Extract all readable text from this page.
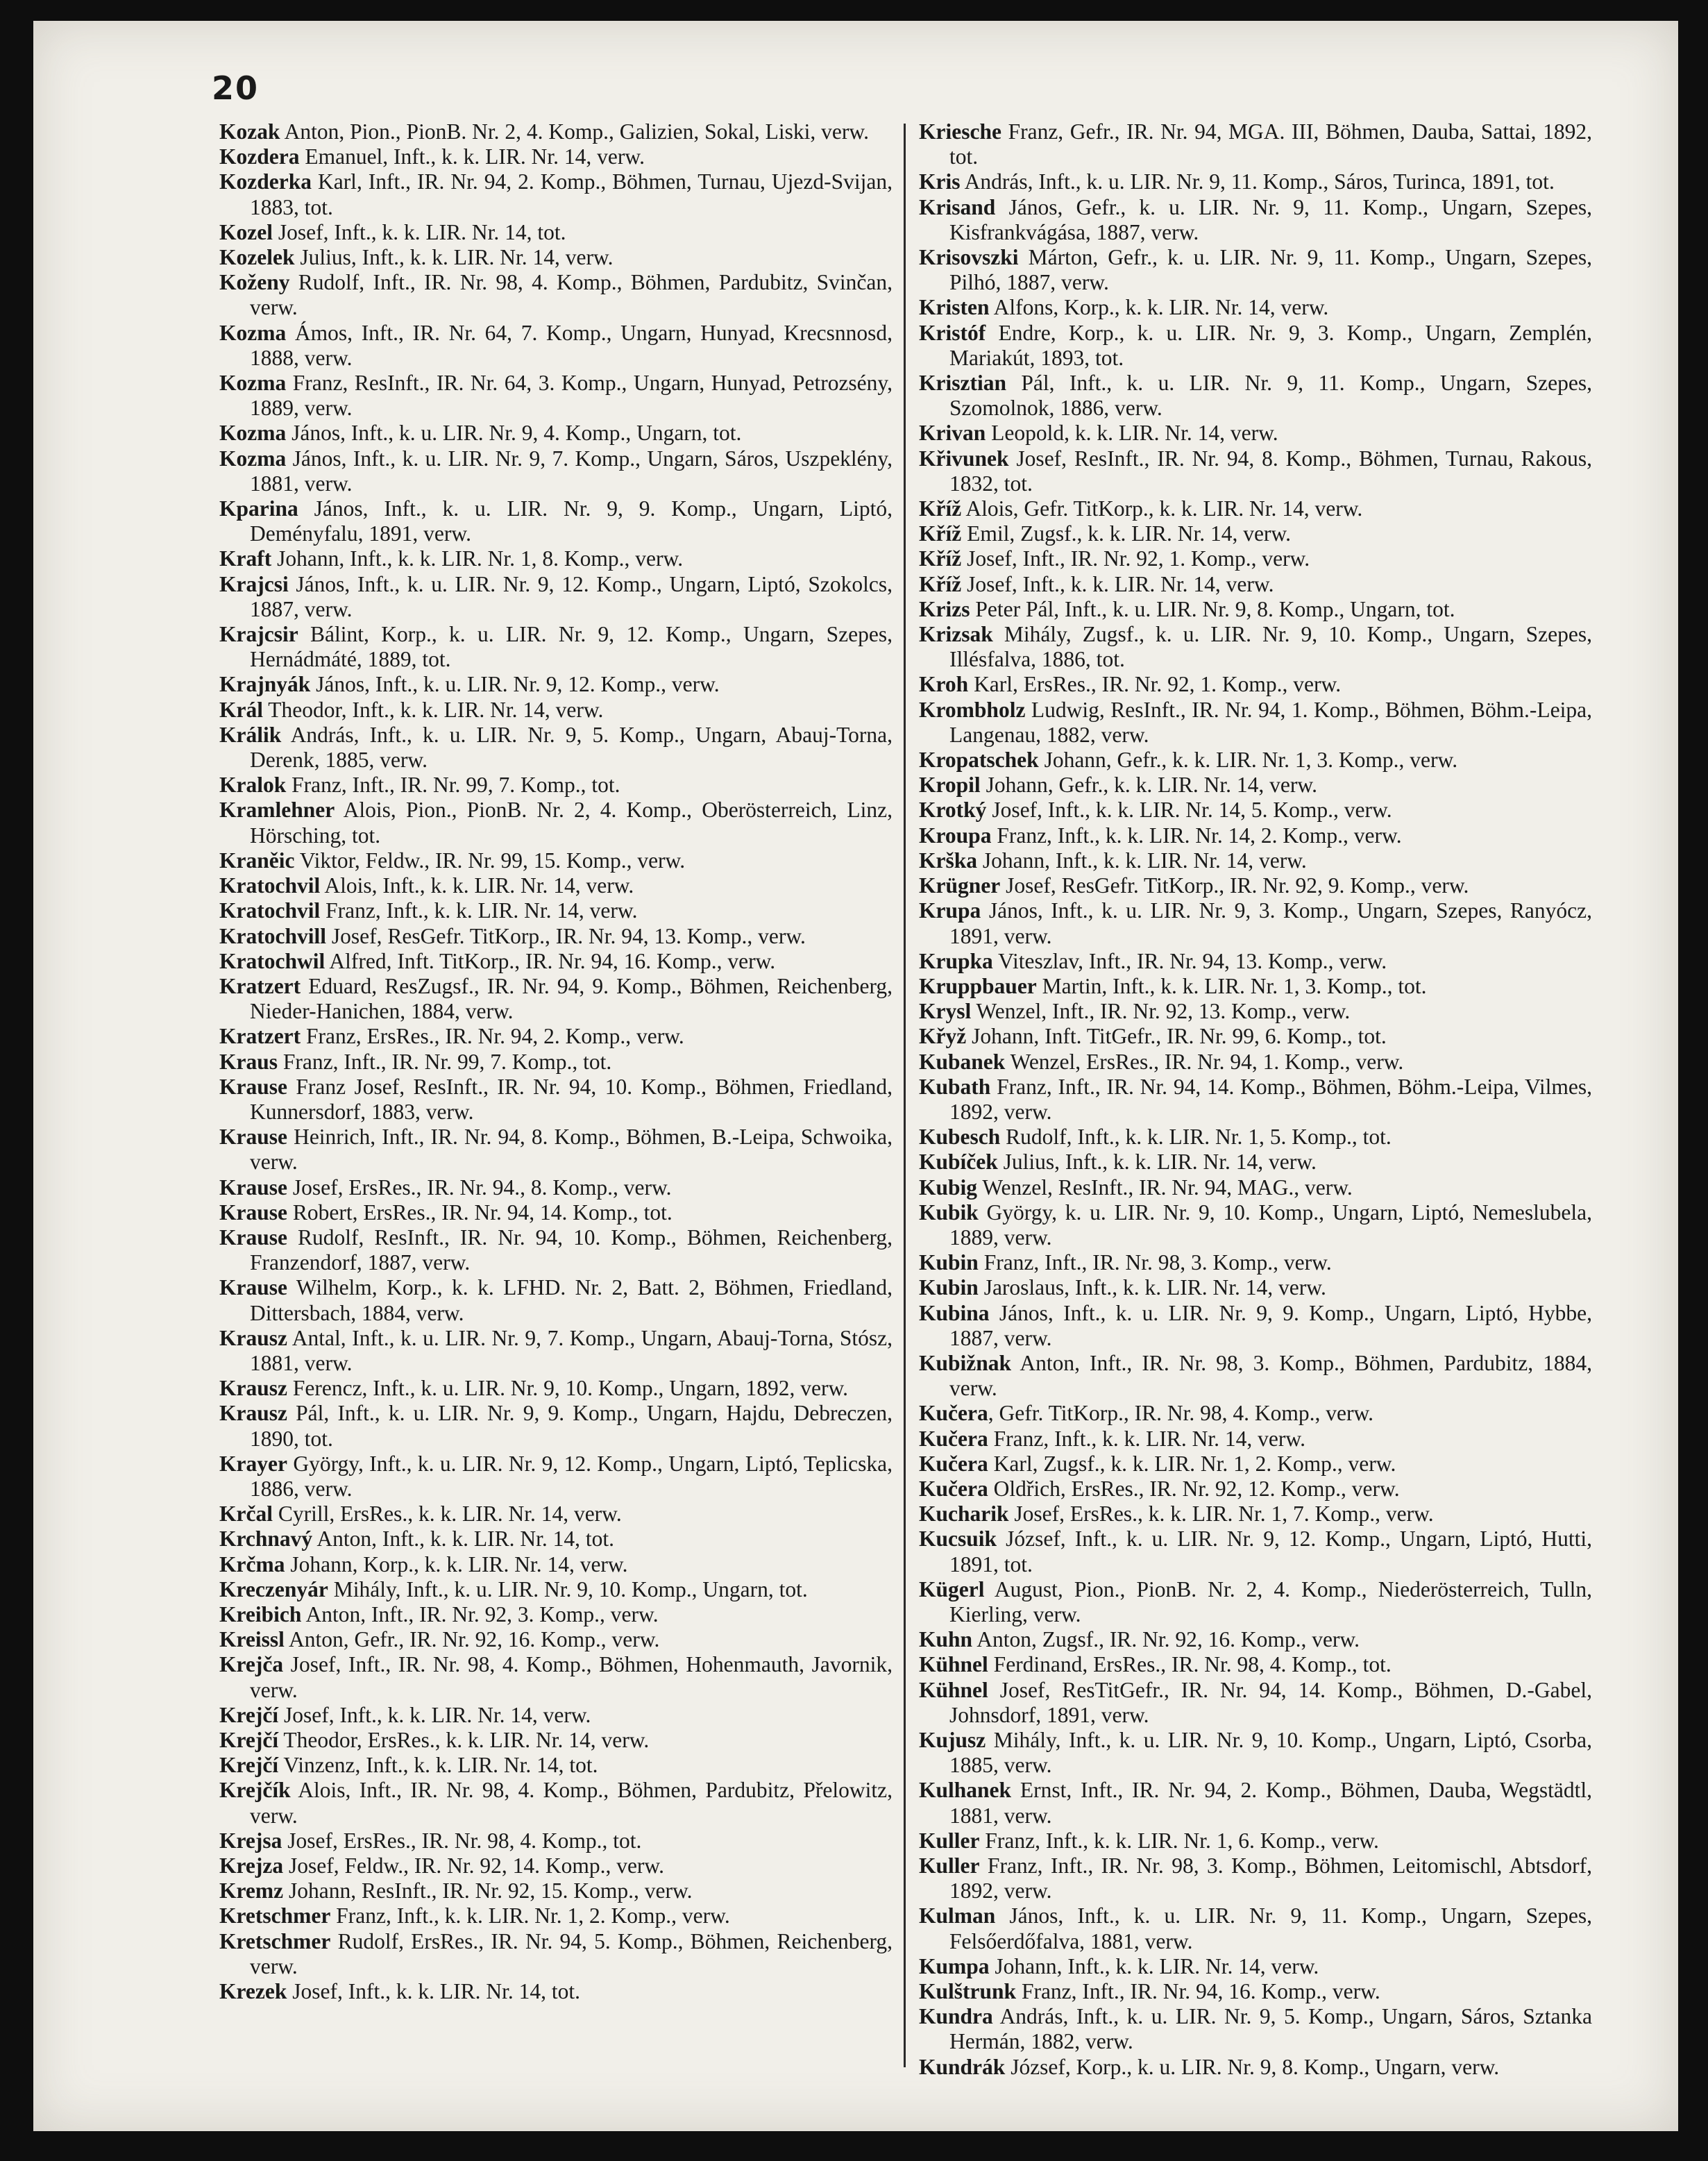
20
Kozak Anton, Pion., PionB. Nr. 2, 4. Komp., Galizien, Sokal, Liski, verw.
Kozdera Emanuel, Inft., k. k. LIR. Nr. 14, verw.
Kozderka Karl, Inft., IR. Nr. 94, 2. Komp., Böhmen, Turnau, Ujezd-Svijan, 1883, tot.
Kozel Josef, Inft., k. k. LIR. Nr. 14, tot.
Kozelek Julius, Inft., k. k. LIR. Nr. 14, verw.
Koženy Rudolf, Inft., IR. Nr. 98, 4. Komp., Böhmen, Pardubitz, Svinčan, verw.
Kozma Ámos, Inft., IR. Nr. 64, 7. Komp., Ungarn, Hunyad, Krecsnnosd, 1888, verw.
Kozma Franz, ResInft., IR. Nr. 64, 3. Komp., Ungarn, Hunyad, Petrozsény, 1889, verw.
Kozma János, Inft., k. u. LIR. Nr. 9, 4. Komp., Ungarn, tot.
Kozma János, Inft., k. u. LIR. Nr. 9, 7. Komp., Ungarn, Sáros, Uszpeklény, 1881, verw.
Kparina János, Inft., k. u. LIR. Nr. 9, 9. Komp., Ungarn, Liptó, Deményfalu, 1891, verw.
Kraft Johann, Inft., k. k. LIR. Nr. 1, 8. Komp., verw.
Krajcsi János, Inft., k. u. LIR. Nr. 9, 12. Komp., Ungarn, Liptó, Szokolcs, 1887, verw.
Krajcsir Bálint, Korp., k. u. LIR. Nr. 9, 12. Komp., Ungarn, Szepes, Hernádmáté, 1889, tot.
Krajnyák János, Inft., k. u. LIR. Nr. 9, 12. Komp., verw.
Král Theodor, Inft., k. k. LIR. Nr. 14, verw.
Králik András, Inft., k. u. LIR. Nr. 9, 5. Komp., Ungarn, Abauj-Torna, Derenk, 1885, verw.
Kralok Franz, Inft., IR. Nr. 99, 7. Komp., tot.
Kramlehner Alois, Pion., PionB. Nr. 2, 4. Komp., Oberösterreich, Linz, Hörsching, tot.
Kraněic Viktor, Feldw., IR. Nr. 99, 15. Komp., verw.
Kratochvil Alois, Inft., k. k. LIR. Nr. 14, verw.
Kratochvil Franz, Inft., k. k. LIR. Nr. 14, verw.
Kratochvill Josef, ResGefr. TitKorp., IR. Nr. 94, 13. Komp., verw.
Kratochwil Alfred, Inft. TitKorp., IR. Nr. 94, 16. Komp., verw.
Kratzert Eduard, ResZugsf., IR. Nr. 94, 9. Komp., Böhmen, Reichenberg, Nieder-Hanichen, 1884, verw.
Kratzert Franz, ErsRes., IR. Nr. 94, 2. Komp., verw.
Kraus Franz, Inft., IR. Nr. 99, 7. Komp., tot.
Krause Franz Josef, ResInft., IR. Nr. 94, 10. Komp., Böhmen, Friedland, Kunnersdorf, 1883, verw.
Krause Heinrich, Inft., IR. Nr. 94, 8. Komp., Böhmen, B.-Leipa, Schwoika, verw.
Krause Josef, ErsRes., IR. Nr. 94., 8. Komp., verw.
Krause Robert, ErsRes., IR. Nr. 94, 14. Komp., tot.
Krause Rudolf, ResInft., IR. Nr. 94, 10. Komp., Böhmen, Reichenberg, Franzendorf, 1887, verw.
Krause Wilhelm, Korp., k. k. LFHD. Nr. 2, Batt. 2, Böhmen, Friedland, Dittersbach, 1884, verw.
Krausz Antal, Inft., k. u. LIR. Nr. 9, 7. Komp., Ungarn, Abauj-Torna, Stósz, 1881, verw.
Krausz Ferencz, Inft., k. u. LIR. Nr. 9, 10. Komp., Ungarn, 1892, verw.
Krausz Pál, Inft., k. u. LIR. Nr. 9, 9. Komp., Ungarn, Hajdu, Debreczen, 1890, tot.
Krayer György, Inft., k. u. LIR. Nr. 9, 12. Komp., Ungarn, Liptó, Teplicska, 1886, verw.
Krčal Cyrill, ErsRes., k. k. LIR. Nr. 14, verw.
Krchnavý Anton, Inft., k. k. LIR. Nr. 14, tot.
Krčma Johann, Korp., k. k. LIR. Nr. 14, verw.
Kreczenyár Mihály, Inft., k. u. LIR. Nr. 9, 10. Komp., Ungarn, tot.
Kreibich Anton, Inft., IR. Nr. 92, 3. Komp., verw.
Kreissl Anton, Gefr., IR. Nr. 92, 16. Komp., verw.
Krejča Josef, Inft., IR. Nr. 98, 4. Komp., Böhmen, Hohenmauth, Javornik, verw.
Krejčí Josef, Inft., k. k. LIR. Nr. 14, verw.
Krejčí Theodor, ErsRes., k. k. LIR. Nr. 14, verw.
Krejčí Vinzenz, Inft., k. k. LIR. Nr. 14, tot.
Krejčík Alois, Inft., IR. Nr. 98, 4. Komp., Böhmen, Pardubitz, Přelowitz, verw.
Krejsa Josef, ErsRes., IR. Nr. 98, 4. Komp., tot.
Krejza Josef, Feldw., IR. Nr. 92, 14. Komp., verw.
Kremz Johann, ResInft., IR. Nr. 92, 15. Komp., verw.
Kretschmer Franz, Inft., k. k. LIR. Nr. 1, 2. Komp., verw.
Kretschmer Rudolf, ErsRes., IR. Nr. 94, 5. Komp., Böhmen, Reichenberg, verw.
Krezek Josef, Inft., k. k. LIR. Nr. 14, tot.
Kriesche Franz, Gefr., IR. Nr. 94, MGA. III, Böhmen, Dauba, Sattai, 1892, tot.
Kris András, Inft., k. u. LIR. Nr. 9, 11. Komp., Sáros, Turinca, 1891, tot.
Krisand János, Gefr., k. u. LIR. Nr. 9, 11. Komp., Ungarn, Szepes, Kisfrankvágása, 1887, verw.
Krisovszki Márton, Gefr., k. u. LIR. Nr. 9, 11. Komp., Ungarn, Szepes, Pilhó, 1887, verw.
Kristen Alfons, Korp., k. k. LIR. Nr. 14, verw.
Kristóf Endre, Korp., k. u. LIR. Nr. 9, 3. Komp., Ungarn, Zemplén, Mariakút, 1893, tot.
Krisztian Pál, Inft., k. u. LIR. Nr. 9, 11. Komp., Ungarn, Szepes, Szomolnok, 1886, verw.
Krivan Leopold, k. k. LIR. Nr. 14, verw.
Křivunek Josef, ResInft., IR. Nr. 94, 8. Komp., Böhmen, Turnau, Rakous, 1832, tot.
Kříž Alois, Gefr. TitKorp., k. k. LIR. Nr. 14, verw.
Kříž Emil, Zugsf., k. k. LIR. Nr. 14, verw.
Kříž Josef, Inft., IR. Nr. 92, 1. Komp., verw.
Kříž Josef, Inft., k. k. LIR. Nr. 14, verw.
Krizs Peter Pál, Inft., k. u. LIR. Nr. 9, 8. Komp., Ungarn, tot.
Krizsak Mihály, Zugsf., k. u. LIR. Nr. 9, 10. Komp., Ungarn, Szepes, Illésfalva, 1886, tot.
Kroh Karl, ErsRes., IR. Nr. 92, 1. Komp., verw.
Krombholz Ludwig, ResInft., IR. Nr. 94, 1. Komp., Böhmen, Böhm.-Leipa, Langenau, 1882, verw.
Kropatschek Johann, Gefr., k. k. LIR. Nr. 1, 3. Komp., verw.
Kropil Johann, Gefr., k. k. LIR. Nr. 14, verw.
Krotký Josef, Inft., k. k. LIR. Nr. 14, 5. Komp., verw.
Kroupa Franz, Inft., k. k. LIR. Nr. 14, 2. Komp., verw.
Krška Johann, Inft., k. k. LIR. Nr. 14, verw.
Krügner Josef, ResGefr. TitKorp., IR. Nr. 92, 9. Komp., verw.
Krupa János, Inft., k. u. LIR. Nr. 9, 3. Komp., Ungarn, Szepes, Ranyócz, 1891, verw.
Krupka Viteszlav, Inft., IR. Nr. 94, 13. Komp., verw.
Kruppbauer Martin, Inft., k. k. LIR. Nr. 1, 3. Komp., tot.
Krysl Wenzel, Inft., IR. Nr. 92, 13. Komp., verw.
Křyž Johann, Inft. TitGefr., IR. Nr. 99, 6. Komp., tot.
Kubanek Wenzel, ErsRes., IR. Nr. 94, 1. Komp., verw.
Kubath Franz, Inft., IR. Nr. 94, 14. Komp., Böhmen, Böhm.-Leipa, Vilmes, 1892, verw.
Kubesch Rudolf, Inft., k. k. LIR. Nr. 1, 5. Komp., tot.
Kubíček Julius, Inft., k. k. LIR. Nr. 14, verw.
Kubig Wenzel, ResInft., IR. Nr. 94, MAG., verw.
Kubik György, k. u. LIR. Nr. 9, 10. Komp., Ungarn, Liptó, Nemeslubela, 1889, verw.
Kubin Franz, Inft., IR. Nr. 98, 3. Komp., verw.
Kubin Jaroslaus, Inft., k. k. LIR. Nr. 14, verw.
Kubina János, Inft., k. u. LIR. Nr. 9, 9. Komp., Ungarn, Liptó, Hybbe, 1887, verw.
Kubižnak Anton, Inft., IR. Nr. 98, 3. Komp., Böhmen, Pardubitz, 1884, verw.
Kučera, Gefr. TitKorp., IR. Nr. 98, 4. Komp., verw.
Kučera Franz, Inft., k. k. LIR. Nr. 14, verw.
Kučera Karl, Zugsf., k. k. LIR. Nr. 1, 2. Komp., verw.
Kučera Oldřich, ErsRes., IR. Nr. 92, 12. Komp., verw.
Kucharik Josef, ErsRes., k. k. LIR. Nr. 1, 7. Komp., verw.
Kucsuik József, Inft., k. u. LIR. Nr. 9, 12. Komp., Ungarn, Liptó, Hutti, 1891, tot.
Kügerl August, Pion., PionB. Nr. 2, 4. Komp., Niederösterreich, Tulln, Kierling, verw.
Kuhn Anton, Zugsf., IR. Nr. 92, 16. Komp., verw.
Kühnel Ferdinand, ErsRes., IR. Nr. 98, 4. Komp., tot.
Kühnel Josef, ResTitGefr., IR. Nr. 94, 14. Komp., Böhmen, D.-Gabel, Johnsdorf, 1891, verw.
Kujusz Mihály, Inft., k. u. LIR. Nr. 9, 10. Komp., Ungarn, Liptó, Csorba, 1885, verw.
Kulhanek Ernst, Inft., IR. Nr. 94, 2. Komp., Böhmen, Dauba, Wegstädtl, 1881, verw.
Kuller Franz, Inft., k. k. LIR. Nr. 1, 6. Komp., verw.
Kuller Franz, Inft., IR. Nr. 98, 3. Komp., Böhmen, Leitomischl, Abtsdorf, 1892, verw.
Kulman János, Inft., k. u. LIR. Nr. 9, 11. Komp., Ungarn, Szepes, Felsőerdőfalva, 1881, verw.
Kumpa Johann, Inft., k. k. LIR. Nr. 14, verw.
Kulštrunk Franz, Inft., IR. Nr. 94, 16. Komp., verw.
Kundra András, Inft., k. u. LIR. Nr. 9, 5. Komp., Ungarn, Sáros, Sztanka Hermán, 1882, verw.
Kundrák József, Korp., k. u. LIR. Nr. 9, 8. Komp., Ungarn, verw.
